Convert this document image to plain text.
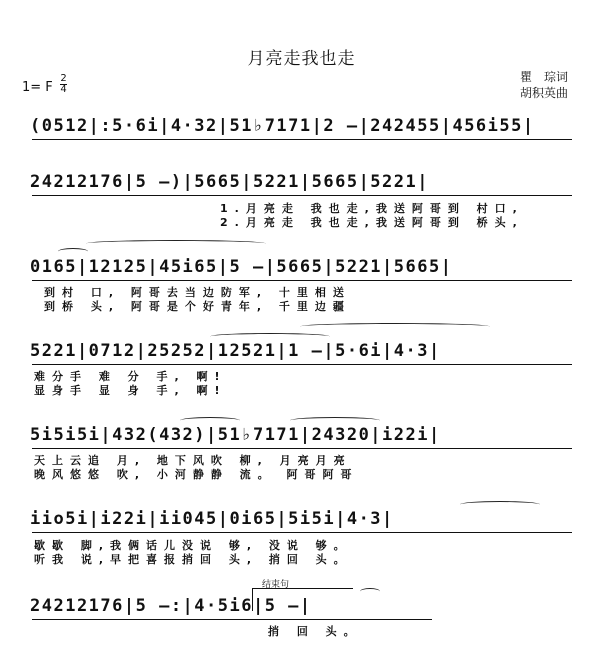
月亮走我也走
1= F
2
4
瞿　琮词
胡积英曲
(0512|:5·6i|4·32|51♭7171|2 –|242455|456i55|
24212176|5 –)|5665|5221|5665|5221|
1.月亮走 我也走,我送阿哥到 村口,
2.月亮走 我也走,我送阿哥到 桥头,
0165|12125|45i65|5 –|5665|5221|5665|
到村 口, 阿哥去当边防军, 十里相送
到桥 头, 阿哥是个好青年, 千里边疆
5221|0712|25252|12521|1 –|5·6i|4·3|
难分手 难 分 手, 啊!
显身手 显 身 手, 啊!
5i5i5i|432(432)|51♭7171|24320|i22i|
天上云追 月, 地下风吹 柳, 月亮月亮
晚风悠悠 吹, 小河静静 流。 阿哥阿哥
iio5i|i22i|ii045|0i65|5i5i|4·3|
歇歇 脚,我俩话儿没说 够, 没说 够。
听我 说,早把喜报捎回 头, 捎回 头。
结束句
24212176|5 –:|4·5i6|5 –|
捎 回 头。
